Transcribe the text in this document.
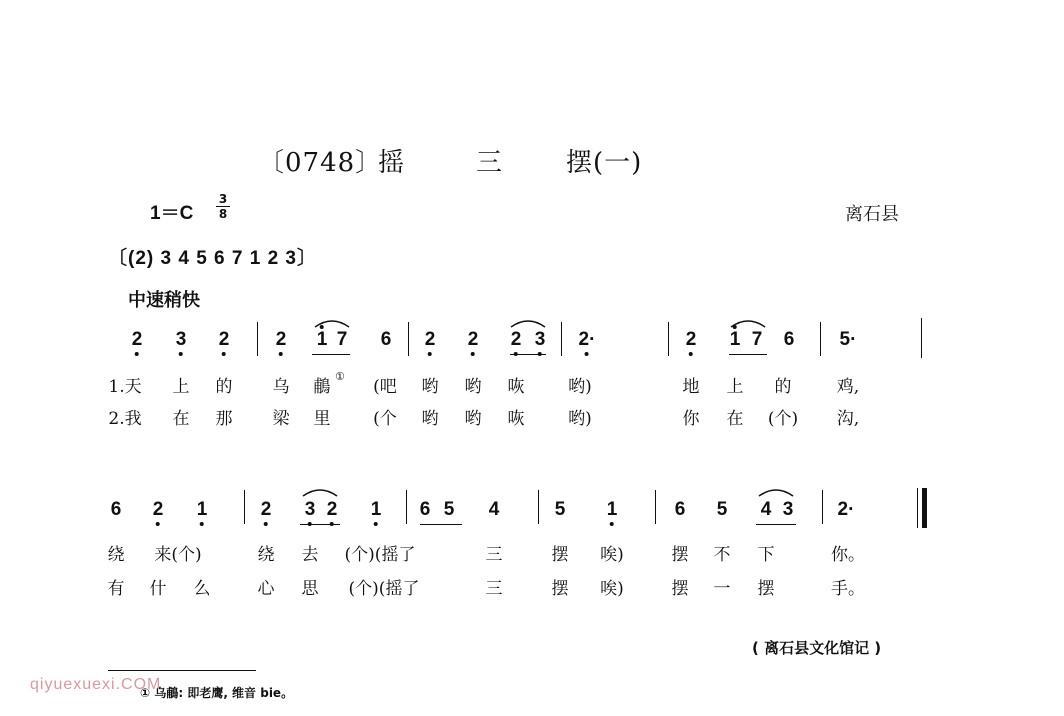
〔0748〕
摇	三 摆(一)
1＝C
3
8	离石县
〔(2) 3 4 5 6 7 1 2 3〕
中速稍快
2 3 2 2 1 7 6 2 2 2 3 2·	2 1 7 6 5·
1.天 上 的 乌 鵏	(吧 哟 哟 咴	哟)	地 上 的	鸡,
①
2.我 在 那 梁 里	(个 哟 哟 咴	哟)	你 在 (个) 沟,
6 2 1	2 3 2 1 6 5 4	5 1	6 5 4 3 2·
绕 来(个)	绕 去 (个)(摇了	三	摆 唉)	摆 不 下	你。
有 什 么	心 思 (个)(摇了	三	摆 唉)	摆 一 摆	手。
( 离石县文化馆记 )
① 乌鵏: 即老鹰, 维音 bie。
qiyuexuexi.COM
